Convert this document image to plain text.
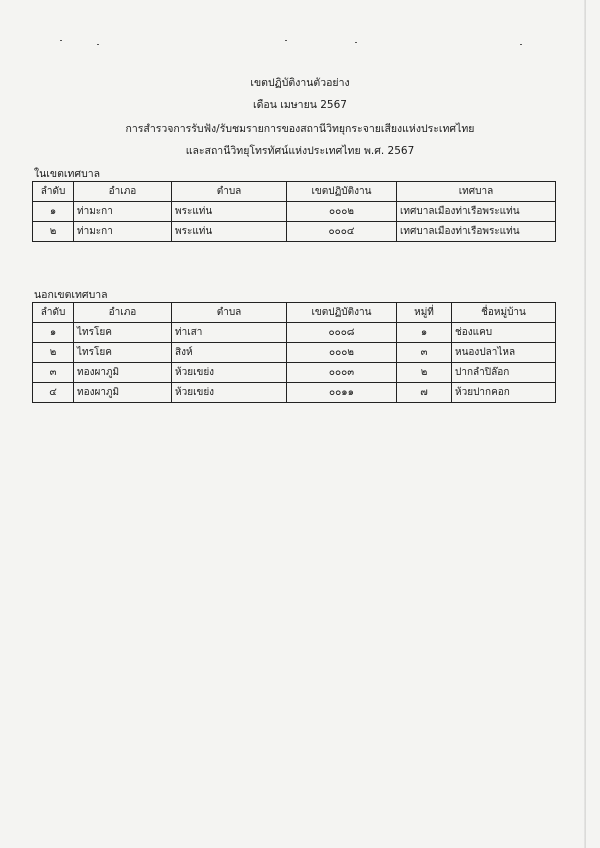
เขตปฏิบัติงานตัวอย่าง
เดือน เมษายน 2567
การสำรวจการรับฟัง/รับชมรายการของสถานีวิทยุกระจายเสียงแห่งประเทศไทย
และสถานีวิทยุโทรทัศน์แห่งประเทศไทย พ.ศ. 2567
ในเขตเทศบาล
ลำดับ	อำเภอ	ตำบล	เขตปฏิบัติงาน	เทศบาล
๑	ท่ามะกา	พระแท่น	๐๐๐๒	เทศบาลเมืองท่าเรือพระแท่น
๒	ท่ามะกา	พระแท่น	๐๐๐๔	เทศบาลเมืองท่าเรือพระแท่น
นอกเขตเทศบาล
ลำดับ	อำเภอ	ตำบล	เขตปฏิบัติงาน	หมู่ที่	ชื่อหมู่บ้าน
๑	ไทรโยค	ท่าเสา	๐๐๐๘	๑	ช่องแคบ
๒	ไทรโยค	สิงห์	๐๐๐๒	๓	หนองปลาไหล
๓	ทองผาภูมิ	ห้วยเขย่ง	๐๐๐๓	๒	ปากลำปิล๊อก
๔	ทองผาภูมิ	ห้วยเขย่ง	๐๐๑๑	๗	ห้วยปากคอก
